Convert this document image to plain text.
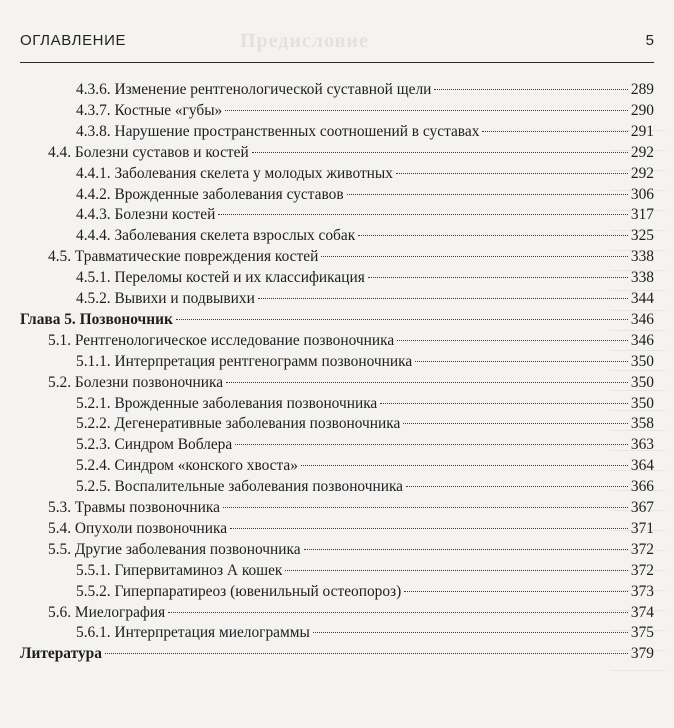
Предисловие
ОГЛАВЛЕНИЕ	5
4.3.6. Изменение рентгенологической суставной щели	289
4.3.7. Костные «губы»	290
4.3.8. Нарушение пространственных соотношений в суставах	291
4.4. Болезни суставов и костей	292
4.4.1. Заболевания скелета у молодых животных	292
4.4.2. Врожденные заболевания суставов	306
4.4.3. Болезни костей	317
4.4.4. Заболевания скелета взрослых собак	325
4.5. Травматические повреждения костей	338
4.5.1. Переломы костей и их классификация	338
4.5.2. Вывихи и подвывихи	344
Глава 5. Позвоночник	346
5.1. Рентгенологическое исследование позвоночника	346
5.1.1. Интерпретация рентгенограмм позвоночника	350
5.2. Болезни позвоночника	350
5.2.1. Врожденные заболевания позвоночника	350
5.2.2. Дегенеративные заболевания позвоночника	358
5.2.3. Синдром Воблера	363
5.2.4. Синдром «конского хвоста»	364
5.2.5. Воспалительные заболевания позвоночника	366
5.3. Травмы позвоночника	367
5.4. Опухоли позвоночника	371
5.5. Другие заболевания позвоночника	372
5.5.1. Гипервитаминоз А кошек	372
5.5.2. Гиперпаратиреоз (ювенильный остеопороз)	373
5.6. Миелография	374
5.6.1. Интерпретация миелограммы	375
Литература	379
